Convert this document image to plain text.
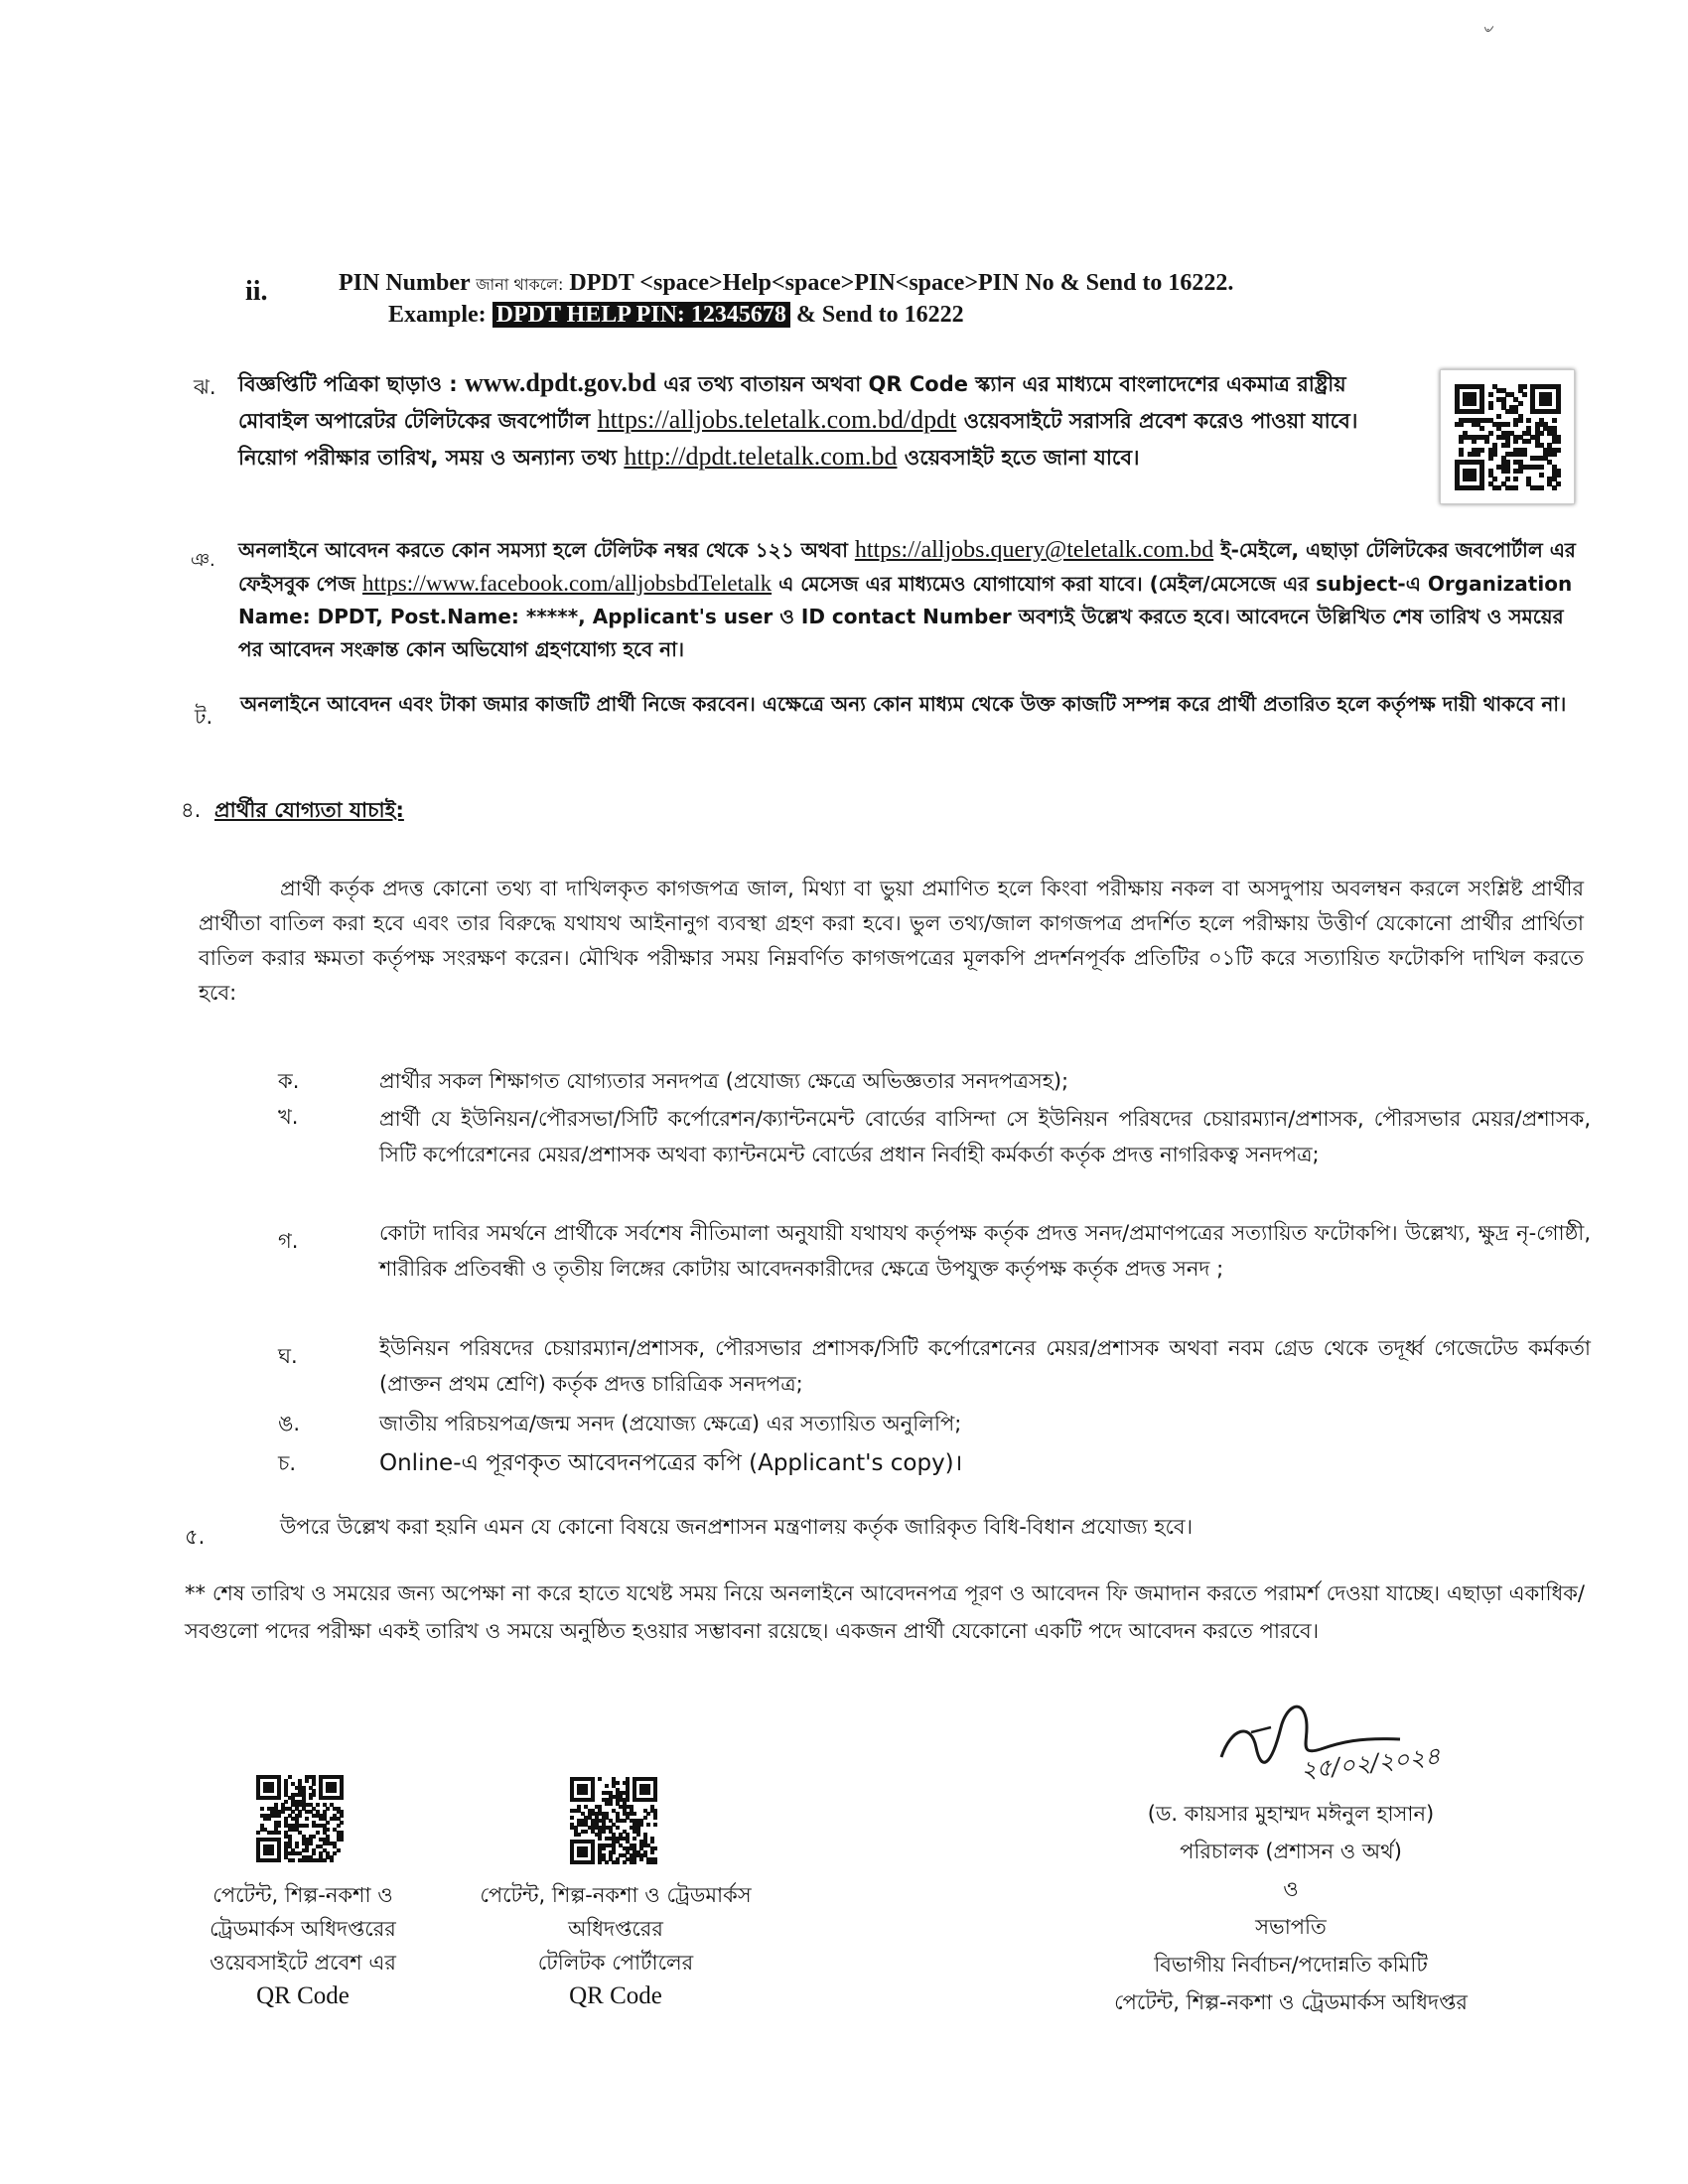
৺
ii.	PIN Number জানা থাকলে: DPDT <space>Help<space>PIN<space>PIN No & Send to 16222.
Example: DPDT HELP PIN: 12345678 & Send to 16222
ঝ. বিজ্ঞপ্তিটি পত্রিকা ছাড়াও : www.dpdt.gov.bd এর তথ্য বাতায়ন অথবা QR Code স্ক্যান এর মাধ্যমে বাংলাদেশের একমাত্র রাষ্ট্রীয় মোবাইল অপারেটর টেলিটকের জবপোর্টাল https://alljobs.teletalk.com.bd/dpdt ওয়েবসাইটে সরাসরি প্রবেশ করেও পাওয়া যাবে। নিয়োগ পরীক্ষার তারিখ, সময় ও অন্যান্য তথ্য http://dpdt.teletalk.com.bd ওয়েবসাইট হতে জানা যাবে।
ঞ. অনলাইনে আবেদন করতে কোন সমস্যা হলে টেলিটক নম্বর থেকে ১২১ অথবা https://alljobs.query@teletalk.com.bd ই-মেইলে, এছাড়া টেলিটকের জবপোর্টাল এর ফেইসবুক পেজ https://www.facebook.com/alljobsbdTeletalk এ মেসেজ এর মাধ্যমেও যোগাযোগ করা যাবে। (মেইল/মেসেজে এর subject-এ Organization Name: DPDT, Post.Name: *****, Applicant's user ও ID contact Number অবশ্যই উল্লেখ করতে হবে। আবেদনে উল্লিখিত শেষ তারিখ ও সময়ের পর আবেদন সংক্রান্ত কোন অভিযোগ গ্রহণযোগ্য হবে না।
ট.
অনলাইনে আবেদন এবং টাকা জমার কাজটি প্রার্থী নিজে করবেন। এক্ষেত্রে অন্য কোন মাধ্যম থেকে উক্ত কাজটি সম্পন্ন করে প্রার্থী প্রতারিত হলে কর্তৃপক্ষ দায়ী থাকবে না।
৪. প্রার্থীর যোগ্যতা যাচাই:
প্রার্থী কর্তৃক প্রদত্ত কোনো তথ্য বা দাখিলকৃত কাগজপত্র জাল, মিথ্যা বা ভুয়া প্রমাণিত হলে কিংবা পরীক্ষায় নকল বা অসদুপায় অবলম্বন করলে সংশ্লিষ্ট প্রার্থীর প্রার্থীতা বাতিল করা হবে এবং তার বিরুদ্ধে যথাযথ আইনানুগ ব্যবস্থা গ্রহণ করা হবে। ভুল তথ্য/জাল কাগজপত্র প্রদর্শিত হলে পরীক্ষায় উত্তীর্ণ যেকোনো প্রার্থীর প্রার্থিতা বাতিল করার ক্ষমতা কর্তৃপক্ষ সংরক্ষণ করেন। মৌখিক পরীক্ষার সময় নিম্নবর্ণিত কাগজপত্রের মূলকপি প্রদর্শনপূর্বক প্রতিটির ০১টি করে সত্যায়িত ফটোকপি দাখিল করতে হবে:
ক.	প্রার্থীর সকল শিক্ষাগত যোগ্যতার সনদপত্র (প্রযোজ্য ক্ষেত্রে অভিজ্ঞতার সনদপত্রসহ);
খ.	প্রার্থী যে ইউনিয়ন/পৌরসভা/সিটি কর্পোরেশন/ক্যান্টনমেন্ট বোর্ডের বাসিন্দা সে ইউনিয়ন পরিষদের চেয়ারম্যান/প্রশাসক, পৌরসভার মেয়র/প্রশাসক, সিটি কর্পোরেশনের মেয়র/প্রশাসক অথবা ক্যান্টনমেন্ট বোর্ডের প্রধান নির্বাহী কর্মকর্তা কর্তৃক প্রদত্ত নাগরিকত্ব সনদপত্র;
গ.	কোটা দাবির সমর্থনে প্রার্থীকে সর্বশেষ নীতিমালা অনুযায়ী যথাযথ কর্তৃপক্ষ কর্তৃক প্রদত্ত সনদ/প্রমাণপত্রের সত্যায়িত ফটোকপি। উল্লেখ্য, ক্ষুদ্র নৃ-গোষ্ঠী, শারীরিক প্রতিবন্ধী ও তৃতীয় লিঙ্গের কোটায় আবেদনকারীদের ক্ষেত্রে উপযুক্ত কর্তৃপক্ষ কর্তৃক প্রদত্ত সনদ ;
ঘ.	ইউনিয়ন পরিষদের চেয়ারম্যান/প্রশাসক, পৌরসভার প্রশাসক/সিটি কর্পোরেশনের মেয়র/প্রশাসক অথবা নবম গ্রেড থেকে তদূর্ধ্ব গেজেটেড কর্মকর্তা (প্রাক্তন প্রথম শ্রেণি) কর্তৃক প্রদত্ত চারিত্রিক সনদপত্র;
ঙ.	জাতীয় পরিচয়পত্র/জন্ম সনদ (প্রযোজ্য ক্ষেত্রে) এর সত্যায়িত অনুলিপি;
চ.	Online-এ পূরণকৃত আবেদনপত্রের কপি (Applicant's copy)।
৫.	উপরে উল্লেখ করা হয়নি এমন যে কোনো বিষয়ে জনপ্রশাসন মন্ত্রণালয় কর্তৃক জারিকৃত বিধি-বিধান প্রযোজ্য হবে।
** শেষ তারিখ ও সময়ের জন্য অপেক্ষা না করে হাতে যথেষ্ট সময় নিয়ে অনলাইনে আবেদনপত্র পূরণ ও আবেদন ফি জমাদান করতে পরামর্শ দেওয়া যাচ্ছে। এছাড়া একাধিক/সবগুলো পদের পরীক্ষা একই তারিখ ও সময়ে অনুষ্ঠিত হওয়ার সম্ভাবনা রয়েছে। একজন প্রার্থী যেকোনো একটি পদে আবেদন করতে পারবে।
পেটেন্ট, শিল্প-নকশা ও
ট্রেডমার্কস অধিদপ্তরের
ওয়েবসাইটে প্রবেশ এর
QR Code
পেটেন্ট, শিল্প-নকশা ও ট্রেডমার্কস
অধিদপ্তরের
টেলিটক পোর্টালের
QR Code
২৫/০২/২০২৪
(ড. কায়সার মুহাম্মদ মঈনুল হাসান)
পরিচালক (প্রশাসন ও অর্থ)
ও
সভাপতি
বিভাগীয় নির্বাচন/পদোন্নতি কমিটি
পেটেন্ট, শিল্প-নকশা ও ট্রেডমার্কস অধিদপ্তর
